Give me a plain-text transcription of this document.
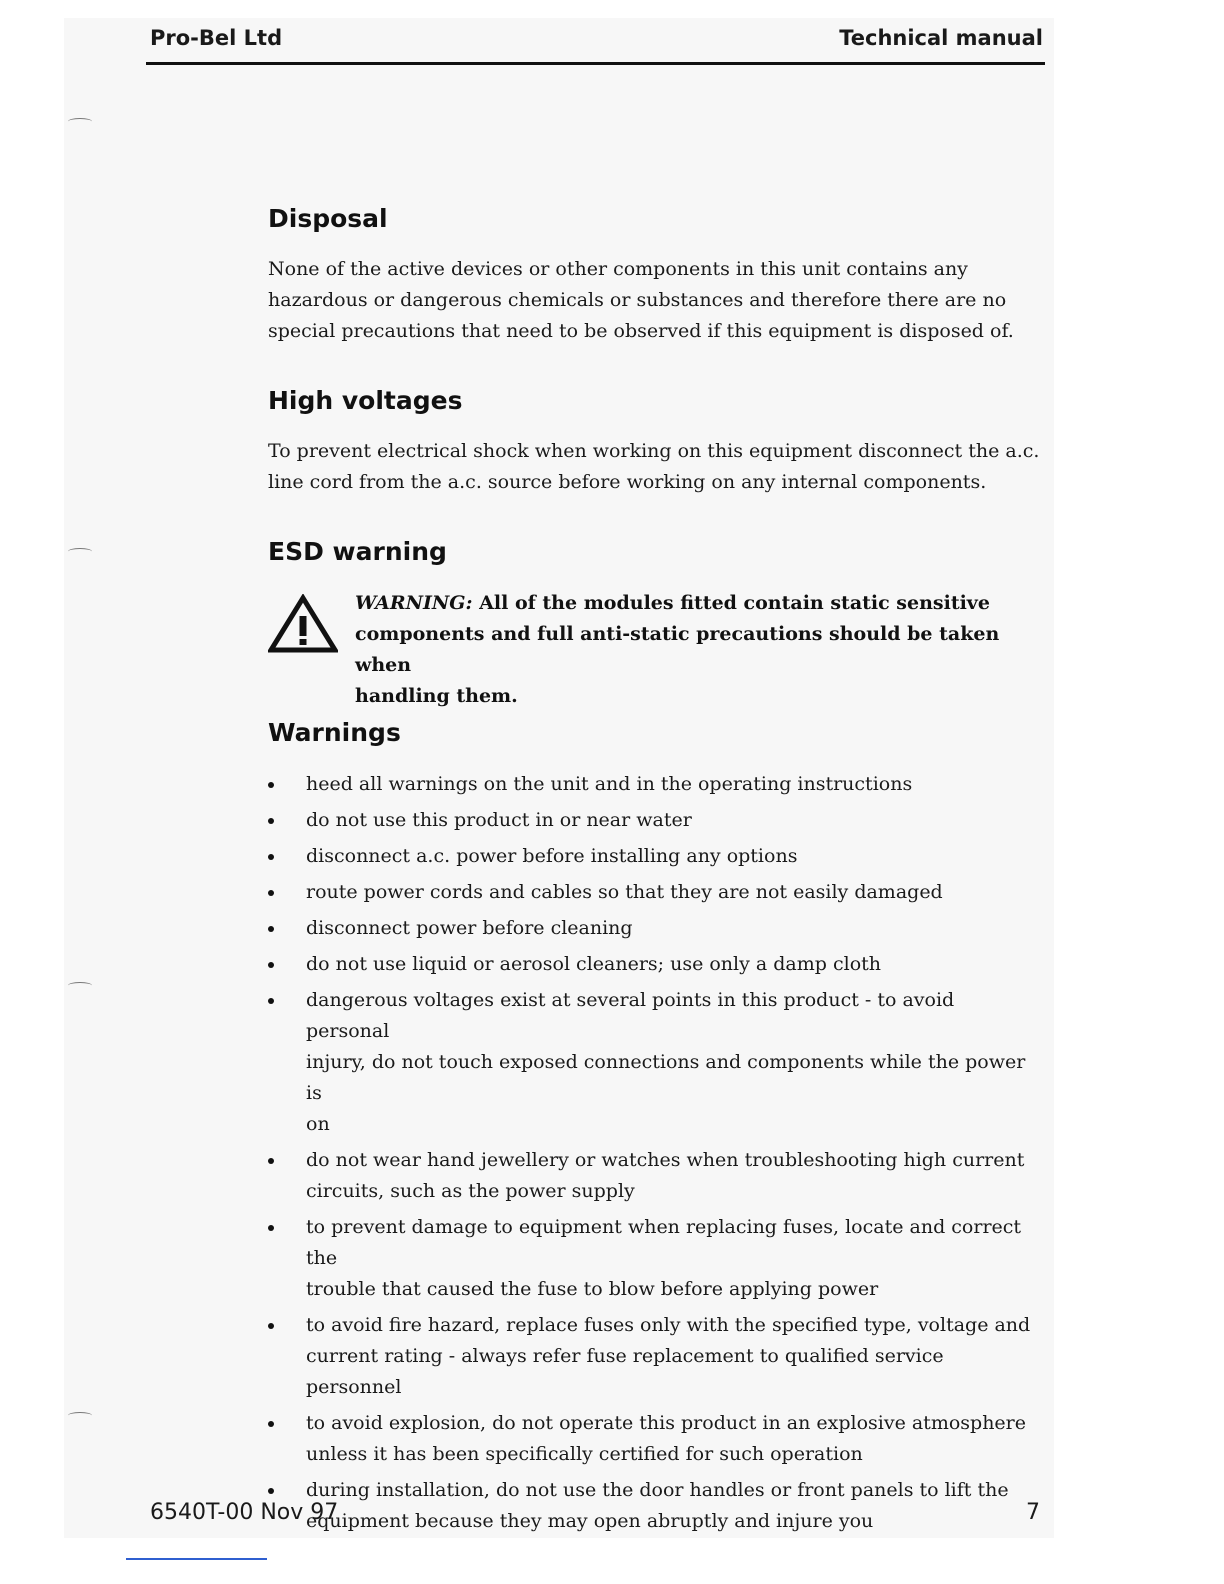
Pro-Bel Ltd	Technical manual
Disposal

None of the active devices or other components in this unit contains any

hazardous or dangerous chemicals or substances and therefore there are no

special precautions that need to be observed if this equipment is disposed of.

High voltages

To prevent electrical shock when working on this equipment disconnect the a.c.

line cord from the a.c. source before working on any internal components.

ESD warning
WARNING: All of the modules fitted contain static sensitive
components and full anti-static precautions should be taken when
handling them.
Warnings
heed all warnings on the unit and in the operating instructions
do not use this product in or near water
disconnect a.c. power before installing any options
route power cords and cables so that they are not easily damaged
disconnect power before cleaning
do not use liquid or aerosol cleaners; use only a damp cloth
dangerous voltages exist at several points in this product - to avoid personal
injury, do not touch exposed connections and components while the power is
on
do not wear hand jewellery or watches when troubleshooting high current
circuits, such as the power supply
to prevent damage to equipment when replacing fuses, locate and correct the
trouble that caused the fuse to blow before applying power
to avoid fire hazard, replace fuses only with the specified type, voltage and
current rating - always refer fuse replacement to qualified service personnel
to avoid explosion, do not operate this product in an explosive atmosphere
unless it has been specifically certified for such operation
during installation, do not use the door handles or front panels to lift the
equipment because they may open abruptly and injure you
6540T-00 Nov 97	7
